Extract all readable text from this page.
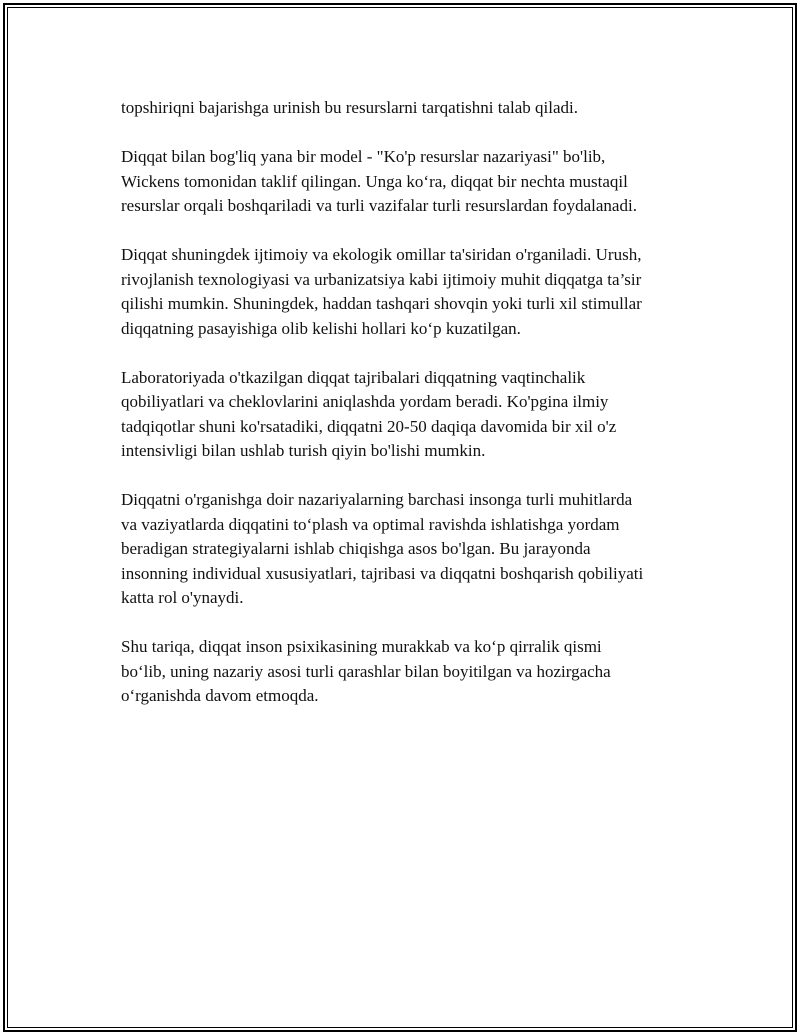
topshiriqni bajarishga urinish bu resurslarni tarqatishni talab qiladi.

Diqqat bilan bog'liq yana bir model - "Ko'p resurslar nazariyasi" bo'lib,
Wickens tomonidan taklif qilingan. Unga ko‘ra, diqqat bir nechta mustaqil
resurslar orqali boshqariladi va turli vazifalar turli resurslardan foydalanadi.

Diqqat shuningdek ijtimoiy va ekologik omillar ta'siridan o'rganiladi. Urush,
rivojlanish texnologiyasi va urbanizatsiya kabi ijtimoiy muhit diqqatga ta’sir
qilishi mumkin. Shuningdek, haddan tashqari shovqin yoki turli xil stimullar
diqqatning pasayishiga olib kelishi hollari ko‘p kuzatilgan.

Laboratoriyada o'tkazilgan diqqat tajribalari diqqatning vaqtinchalik
qobiliyatlari va cheklovlarini aniqlashda yordam beradi. Ko'pgina ilmiy
tadqiqotlar shuni ko'rsatadiki, diqqatni 20-50 daqiqa davomida bir xil o'z
intensivligi bilan ushlab turish qiyin bo'lishi mumkin.

Diqqatni o'rganishga doir nazariyalarning barchasi insonga turli muhitlarda
va vaziyatlarda diqqatini to‘plash va optimal ravishda ishlatishga yordam
beradigan strategiyalarni ishlab chiqishga asos bo'lgan. Bu jarayonda
insonning individual xususiyatlari, tajribasi va diqqatni boshqarish qobiliyati
katta rol o'ynaydi.

Shu tariqa, diqqat inson psixikasining murakkab va ko‘p qirralik qismi
bo‘lib, uning nazariy asosi turli qarashlar bilan boyitilgan va hozirgacha
o‘rganishda davom etmoqda.
